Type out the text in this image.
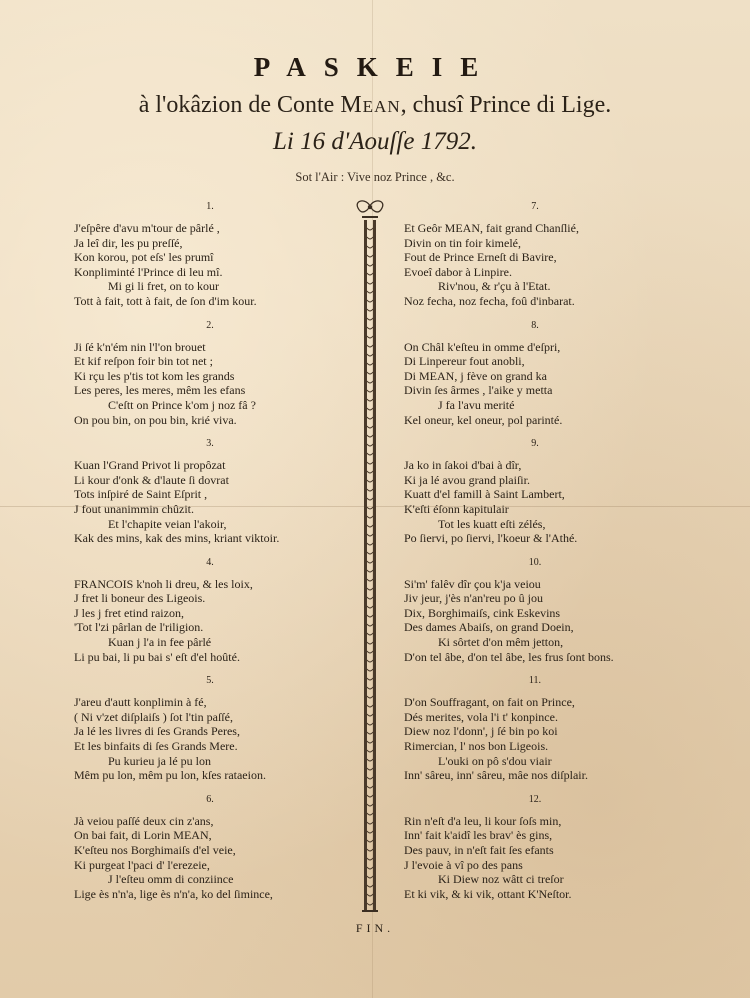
PASKEIE
à l'okâzion de Conte Mean, chusî Prince di Lige.
Li 16 d'Aouſſe 1792.
Sot l'Air : Vive noz Prince , &c.
1.
J'eſpêre d'avu m'tour de pârlé ,
Ja leî dir, les pu preſſé,
Kon korou, pot eſs' les prumî
Konpliminté l'Prince di leu mî.
Mi gi li fret, on to kour
Tott à fait, tott à fait, de ſon d'im kour.
2.
Ji ſé k'n'ém nin l'l'on brouet
Et kif reſpon foir bin tot net ;
Ki rçu les p'tis tot kom les grands
Les peres, les meres, mêm les efans
C'eſtt on Prince k'om j noz fâ ?
On pou bin, on pou bin, krié viva.
3.
Kuan l'Grand Privot li propôzat
Li kour d'onk & d'laute ſi dovrat
Tots inſpiré de Saint Eſprit ,
J fout unanimmin chûzit.
Et l'chapite veian l'akoir,
Kak des mins, kak des mins, kriant viktoir.
4.
FRANCOIS k'noh li dreu, & les loix,
J fret li boneur des Ligeois.
J les j fret etind raizon,
'Tot l'zi pârlan de l'riligion.
Kuan j l'a in fee pârlé
Li pu bai, li pu bai s' eſt d'el hoûté.
5.
J'areu d'autt konplimin à fé,
( Ni v'zet diſplaiſs ) ſot l'tin paſſé,
Ja lé les livres di ſes Grands Peres,
Et les binfaits di ſes Grands Mere.
Pu kurieu ja lé pu lon
Mêm pu lon, mêm pu lon, kſes rataeion.
6.
Jà veiou paſſé deux cin z'ans,
On bai fait, di Lorin MEAN,
K'eſteu nos Borghimaiſs d'el veie,
Ki purgeat l'paci d' l'erezeie,
J l'eſteu omm di conziince
Lige ès n'n'a, lige ès n'n'a, ko del ſimince,
7.
Et Geôr MEAN, fait grand Chanſlié,
Divin on tin foir kimelé,
Fout de Prince Erneſt di Bavire,
Evoeî dabor à Linpire.
Riv'nou, & r'çu à l'Etat.
Noz fecha, noz fecha, foû d'inbarat.
8.
On Châl k'eſteu in omme d'eſpri,
Di Linpereur fout anobli,
Di MEAN, j fève on grand ka
Divin ſes ârmes , l'aike y metta
J fa l'avu merité
Kel oneur, kel oneur, pol parinté.
9.
Ja ko in ſakoi d'bai à dîr,
Ki ja lé avou grand plaiſir.
Kuatt d'el famill à Saint Lambert,
K'eſti éſonn kapitulair
Tot les kuatt eſti zélés,
Po ſiervi, po ſiervi, l'koeur & l'Athé.
10.
Si'm' falêv dîr çou k'ja veiou
Jiv jeur, j'ès n'an'reu po û jou
Dix, Borghimaiſs, cink Eskevins
Des dames Abaiſs, on grand Doein,
Ki sôrtet d'on mêm jetton,
D'on tel âbe, d'on tel âbe, les frus ſont bons.
11.
D'on Souffragant, on fait on Prince,
Dés merites, vola l'i t' konpince.
Diew noz l'donn', j ſé bin po koi
Rimercian, l' nos bon Ligeois.
L'ouki on pô s'dou viair
Inn' sâreu, inn' sâreu, mâe nos diſplair.
12.
Rin n'eſt d'a leu, li kour ſoſs min,
Inn' fait k'aidî les brav' ès gins,
Des pauv, in n'eſt fait ſes efants
J l'evoie à vî po des pans
Ki Diew noz wâtt ci treſor
Et ki vik, & ki vik, ottant K'Neſtor.
FIN.
